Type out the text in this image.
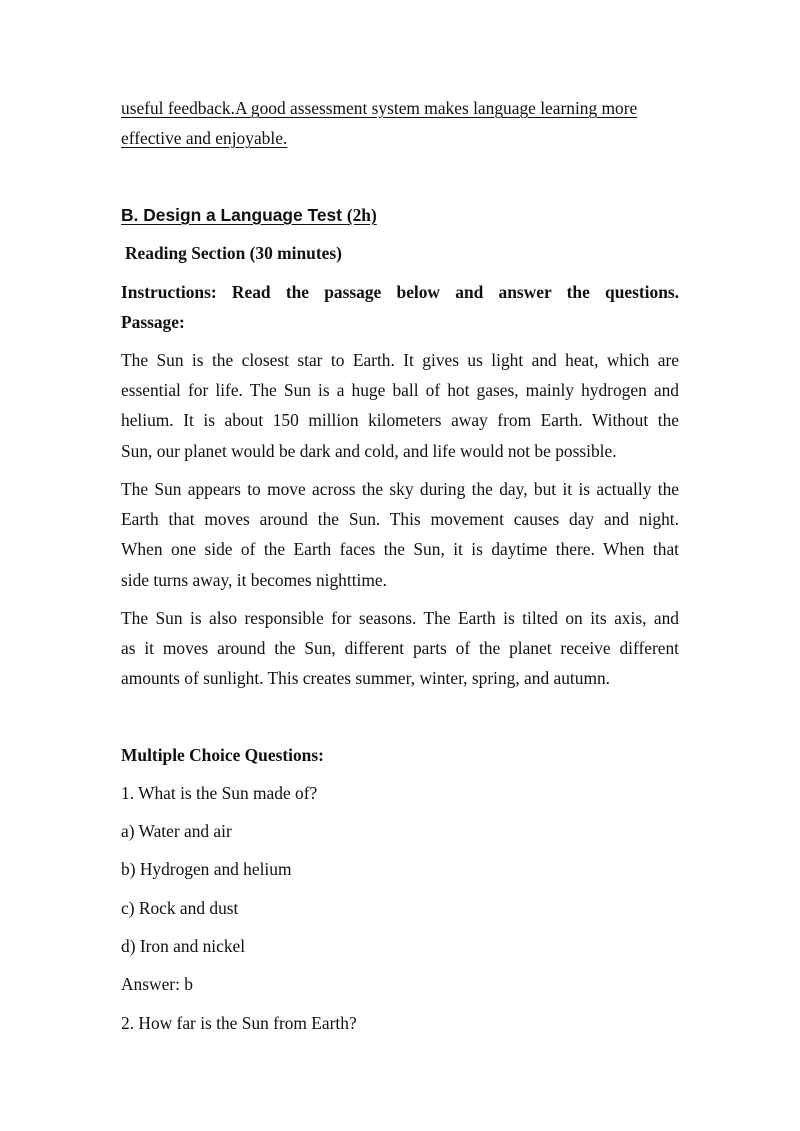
useful feedback.A good assessment system makes language learning more
effective and enjoyable.
B. Design a Language Test (2h)
Reading Section (30 minutes)
Instructions: Read the passage below and answer the questions.
Passage:
The Sun is the closest star to Earth. It gives us light and heat, which are
essential for life. The Sun is a huge ball of hot gases, mainly hydrogen and
helium. It is about 150 million kilometers away from Earth. Without the
Sun, our planet would be dark and cold, and life would not be possible.
The Sun appears to move across the sky during the day, but it is actually the
Earth that moves around the Sun. This movement causes day and night.
When one side of the Earth faces the Sun, it is daytime there. When that
side turns away, it becomes nighttime.
The Sun is also responsible for seasons. The Earth is tilted on its axis, and
as it moves around the Sun, different parts of the planet receive different
amounts of sunlight. This creates summer, winter, spring, and autumn.
Multiple Choice Questions:
1. What is the Sun made of?
a) Water and air
b) Hydrogen and helium
c) Rock and dust
d) Iron and nickel
Answer: b
2. How far is the Sun from Earth?
